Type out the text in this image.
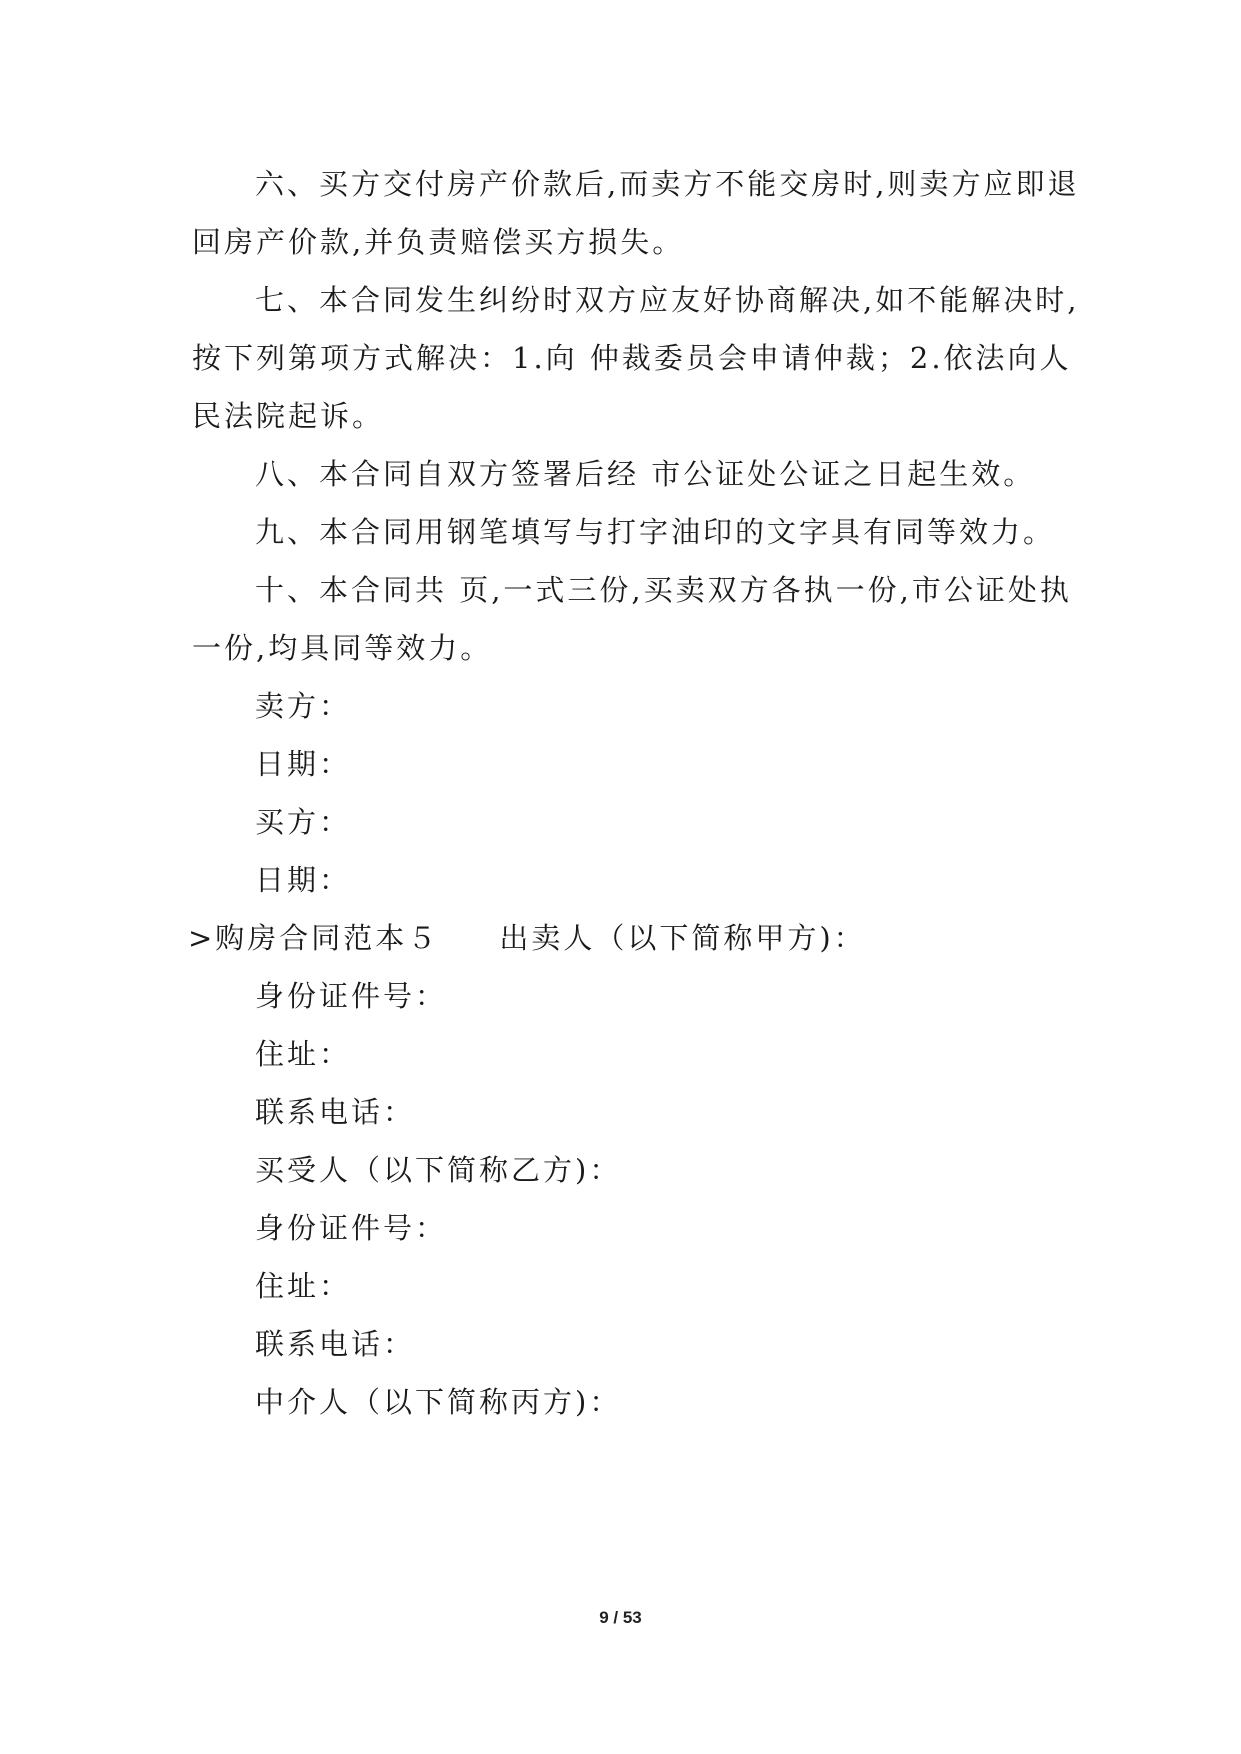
六、买方交付房产价款后,而卖方不能交房时,则卖方应即退

回房产价款,并负责赔偿买方损失。

七、本合同发生纠纷时双方应友好协商解决,如不能解决时,

按下列第项方式解决：1.向 仲裁委员会申请仲裁；2.依法向人

民法院起诉。

八、本合同自双方签署后经 市公证处公证之日起生效。

九、本合同用钢笔填写与打字油印的文字具有同等效力。

十、本合同共 页,一式三份,买卖双方各执一份,市公证处执

一份,均具同等效力。

卖方：

日期：

买方：

日期：

>购房合同范本５ 出卖人（以下简称甲方)：

身份证件号：

住址：

联系电话：

买受人（以下简称乙方)：

身份证件号：

住址：

联系电话：

中介人（以下简称丙方)：

9 / 53
